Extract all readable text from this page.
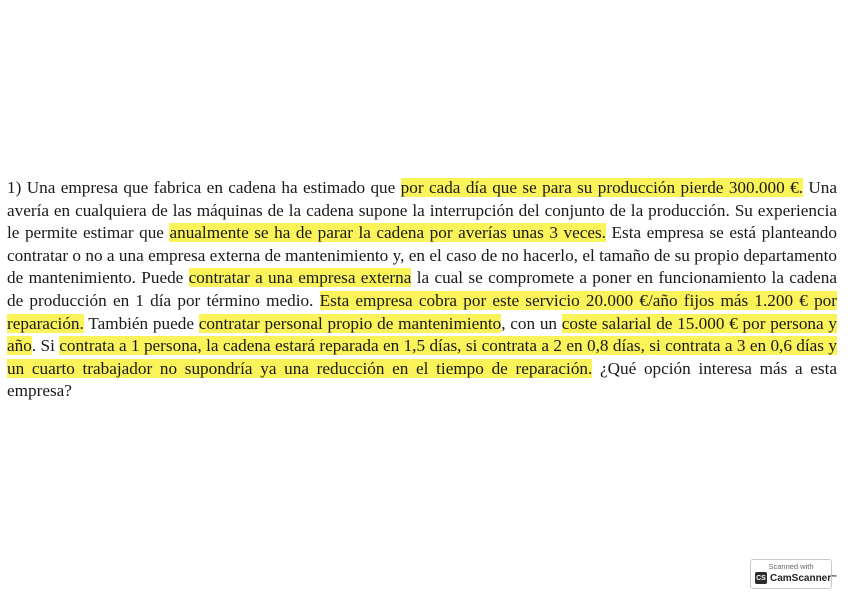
1) Una empresa que fabrica en cadena ha estimado que por cada día que se para su producción pierde 300.000 €. Una avería en cualquiera de las máquinas de la cadena supone la interrupción del conjunto de la producción. Su experiencia le permite estimar que anualmente se ha de parar la cadena por averías unas 3 veces. Esta empresa se está planteando contratar o no a una empresa externa de mantenimiento y, en el caso de no hacerlo, el tamaño de su propio departamento de mantenimiento. Puede contratar a una empresa externa la cual se compromete a poner en funcionamiento la cadena de producción en 1 día por término medio. Esta empresa cobra por este servicio 20.000 €/año fijos más 1.200 € por reparación. También puede contratar personal propio de mantenimiento, con un coste salarial de 15.000 € por persona y año. Si contrata a 1 persona, la cadena estará reparada en 1,5 días, si contrata a 2 en 0,8 días, si contrata a 3 en 0,6 días y un cuarto trabajador no supondría ya una reducción en el tiempo de reparación. ¿Qué opción interesa más a esta empresa?

Scanned with
CS CamScanner ™
